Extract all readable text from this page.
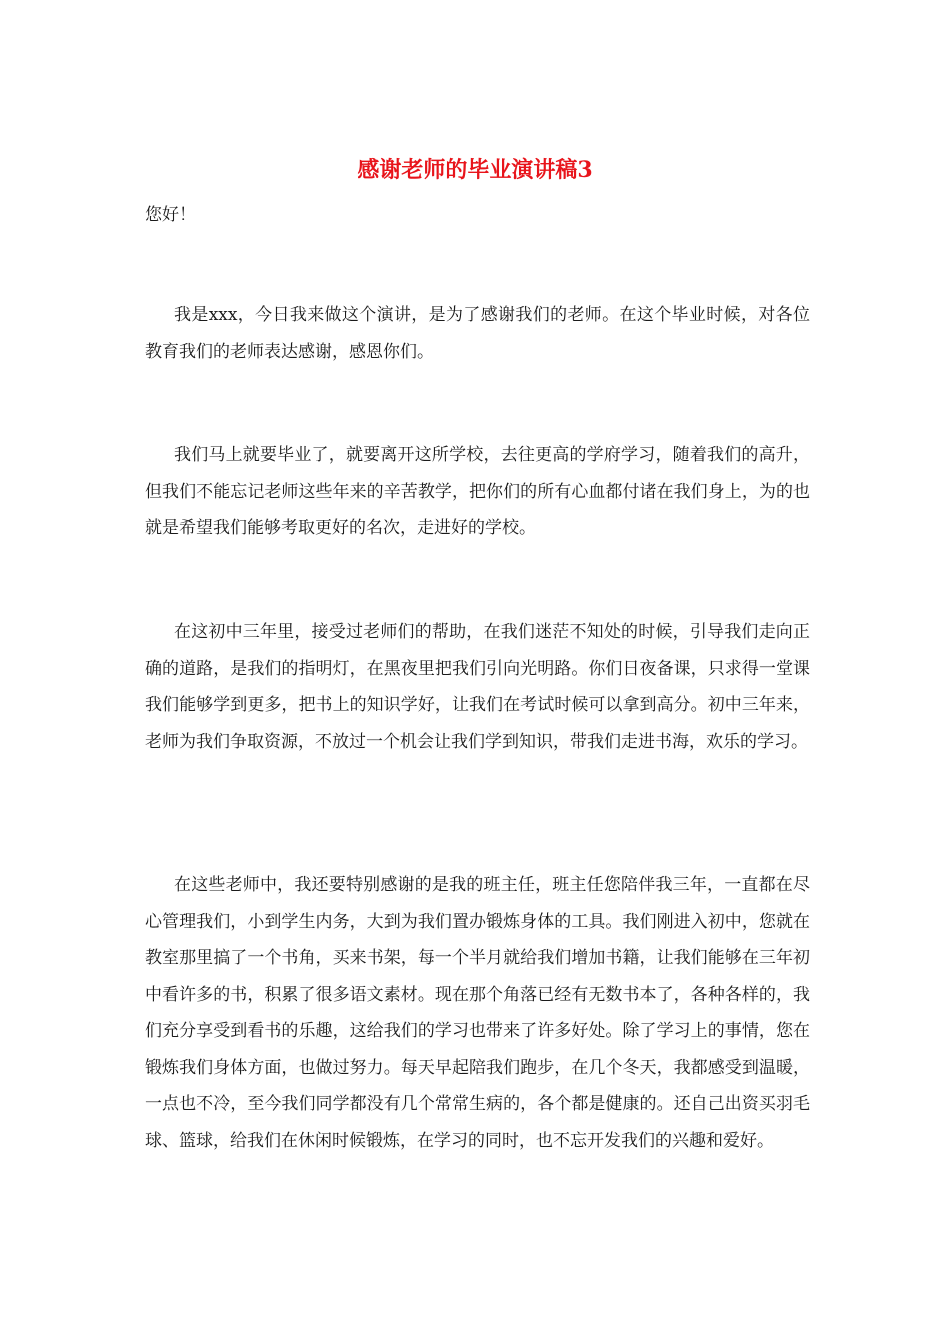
感谢老师的毕业演讲稿3

您好！

我是xxx，今日我来做这个演讲，是为了感谢我们的老师。在这个毕业时候，对各位教育我们的老师表达感谢，感恩你们。

我们马上就要毕业了，就要离开这所学校，去往更高的学府学习，随着我们的高升，但我们不能忘记老师这些年来的辛苦教学，把你们的所有心血都付诸在我们身上，为的也就是希望我们能够考取更好的名次，走进好的学校。

在这初中三年里，接受过老师们的帮助，在我们迷茫不知处的时候，引导我们走向正确的道路，是我们的指明灯，在黑夜里把我们引向光明路。你们日夜备课，只求得一堂课我们能够学到更多，把书上的知识学好，让我们在考试时候可以拿到高分。初中三年来，老师为我们争取资源，不放过一个机会让我们学到知识，带我们走进书海，欢乐的学习。

在这些老师中，我还要特别感谢的是我的班主任，班主任您陪伴我三年，一直都在尽心管理我们，小到学生内务，大到为我们置办锻炼身体的工具。我们刚进入初中，您就在教室那里搞了一个书角，买来书架，每一个半月就给我们增加书籍，让我们能够在三年初中看许多的书，积累了很多语文素材。现在那个角落已经有无数书本了，各种各样的，我们充分享受到看书的乐趣，这给我们的学习也带来了许多好处。除了学习上的事情，您在锻炼我们身体方面，也做过努力。每天早起陪我们跑步，在几个冬天，我都感受到温暖，一点也不冷，至今我们同学都没有几个常常生病的，各个都是健康的。还自己出资买羽毛球、篮球，给我们在休闲时候锻炼，在学习的同时，也不忘开发我们的兴趣和爱好。
